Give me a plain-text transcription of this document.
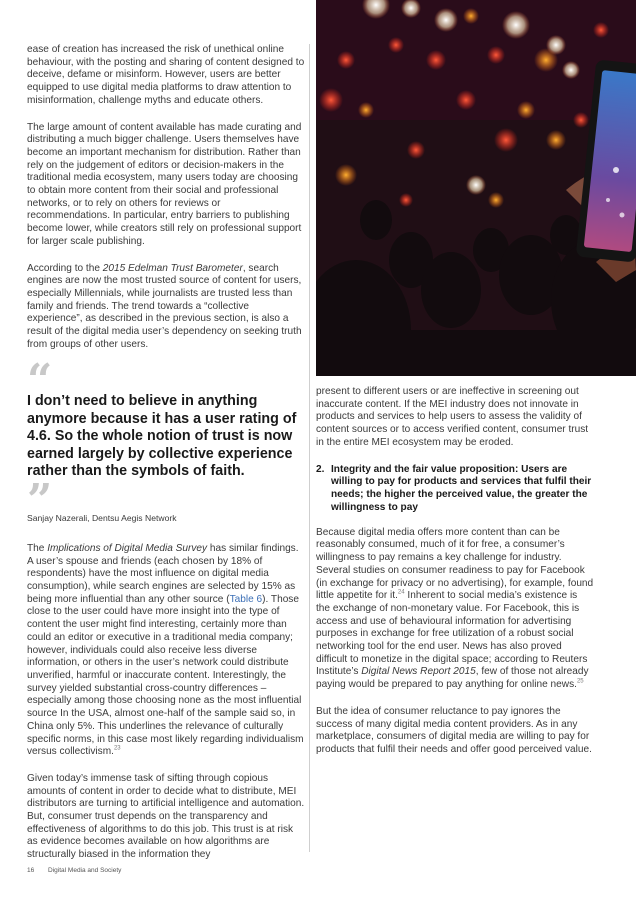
ease of creation has increased the risk of unethical online behaviour, with the posting and sharing of content designed to deceive, defame or misinform. However, users are better equipped to use digital media platforms to draw attention to misinformation, challenge myths and educate others.

The large amount of content available has made curating and distributing a much bigger challenge. Users themselves have become an important mechanism for distribution. Rather than rely on the judgement of editors or decision-makers in the traditional media ecosystem, many users today are choosing to obtain more content from their social and professional networks, or to rely on others for reviews or recommendations. In particular, entry barriers to publishing become lower, while creators still rely on professional support for larger scale publishing.

According to the 2015 Edelman Trust Barometer, search engines are now the most trusted source of content for users, especially Millennials, while journalists are trusted less than family and friends. The trend towards a “collective experience”, as described in the previous section, is also a result of the digital media user’s dependency on seeking truth from groups of other users.

“

I don’t need to believe in anything anymore because it has a user rating of 4.6. So the whole notion of trust is now earned largely by collective experience rather than the symbols of faith.

”

Sanjay Nazerali, Dentsu Aegis Network

The Implications of Digital Media Survey has similar findings. A user’s spouse and friends (each chosen by 18% of respondents) have the most influence on digital media consumption), while search engines are selected by 15% as being more influential than any other source (Table 6). Those close to the user could have more insight into the type of content the user might find interesting, certainly more than could an editor or executive in a traditional media company; however, individuals could also receive less diverse information, or others in the user’s network could distribute unverified, harmful or inaccurate content. Interestingly, the survey yielded substantial cross-country differences – especially among those choosing none as the most influential source In the USA, almost one-half of the sample said so, in China only 5%. This underlines the relevance of culturally specific norms, in this case most likely regarding individualism versus collectivism.$^{23}$

Given today’s immense task of sifting through copious amounts of content in order to decide what to distribute, MEI distributors are turning to artificial intelligence and automation. But, consumer trust depends on the transparency and effectiveness of algorithms to do this job. This trust is at risk as evidence becomes available on how algorithms are structurally biased in the information they

present to different users or are ineffective in screening out inaccurate content. If the MEI industry does not innovate in products and services to help users to assess the validity of content sources or to access verified content, consumer trust in the entire MEI ecosystem may be eroded.

2. Integrity and the fair value proposition: Users are willing to pay for products and services that fulfil their needs; the higher the perceived value, the greater the willingness to pay

Because digital media offers more content than can be reasonably consumed, much of it for free, a consumer’s willingness to pay remains a key challenge for industry. Several studies on consumer readiness to pay for Facebook (in exchange for privacy or no advertising), for example, found little appetite for it.$^{24}$ Inherent to social media’s existence is the exchange of non-monetary value. For Facebook, this is access and use of behavioural information for advertising purposes in exchange for free utilization of a robust social networking tool for the end user. News has also proved difficult to monetize in the digital space; according to Reuters Institute’s Digital News Report 2015, few of those not already paying would be prepared to pay anything for online news.$^{25}$

But the idea of consumer reluctance to pay ignores the success of many digital media content providers. As in any marketplace, consumers of digital media are willing to pay for products that fulfil their needs and offer good perceived value.

16 Digital Media and Society
